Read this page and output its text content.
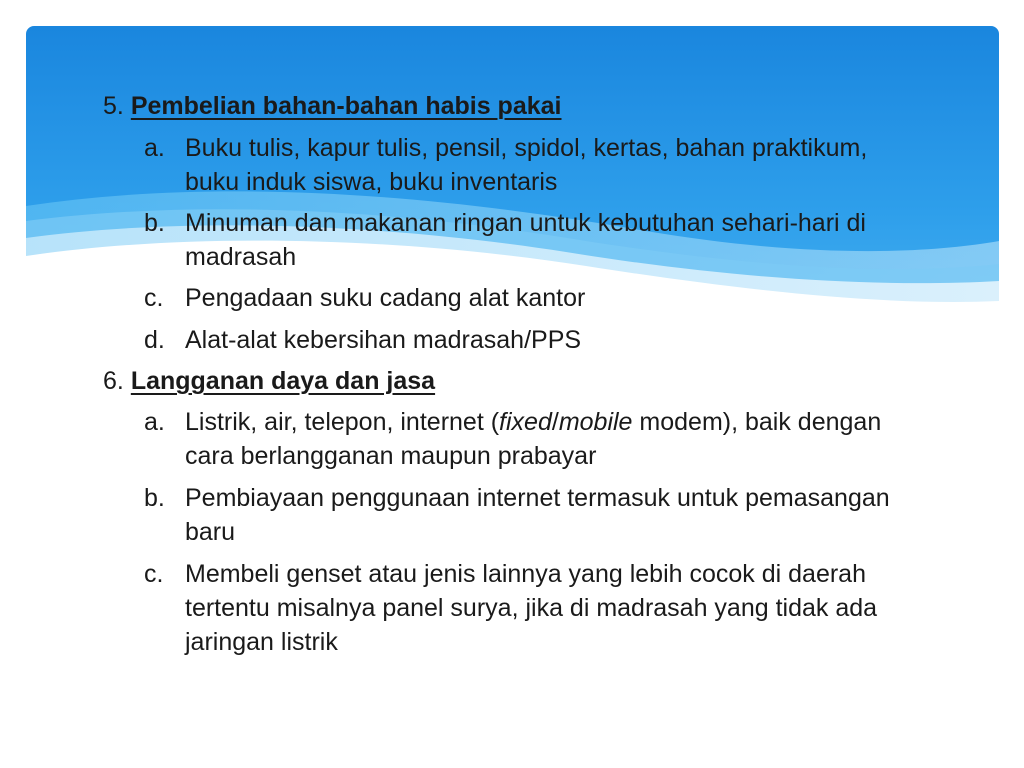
5. Pembelian bahan-bahan habis pakai
a. Buku tulis, kapur tulis, pensil, spidol, kertas, bahan praktikum, buku induk siswa, buku inventaris
b. Minuman dan makanan ringan untuk kebutuhan sehari-hari di madrasah
c. Pengadaan suku cadang alat kantor
d. Alat-alat kebersihan madrasah/PPS
6. Langganan daya dan jasa
a. Listrik, air, telepon, internet (fixed/mobile modem), baik dengan cara berlangganan maupun prabayar
b. Pembiayaan penggunaan internet termasuk untuk pemasangan baru
c. Membeli genset atau jenis lainnya yang lebih cocok di daerah tertentu misalnya panel surya, jika di madrasah yang tidak ada jaringan listrik
